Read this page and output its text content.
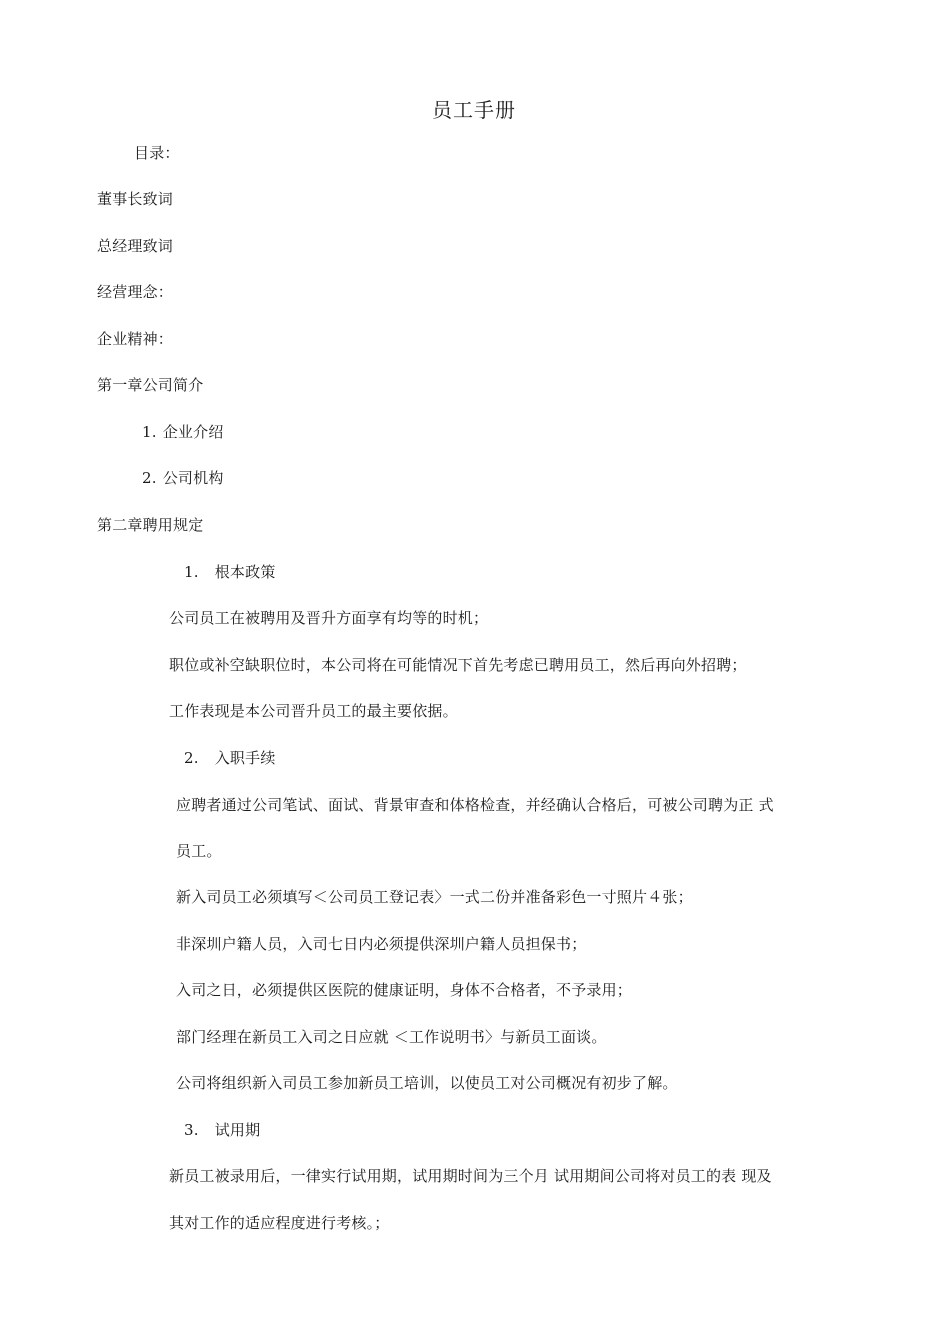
员工手册
目录：
董事长致词
总经理致词
经营理念：
企业精神：
第一章公司简介
1. 企业介绍
2. 公司机构
第二章聘用规定
1. 根本政策
公司员工在被聘用及晋升方面享有均等的时机；
职位或补空缺职位时，本公司将在可能情况下首先考虑已聘用员工，然后再向外招聘；
工作表现是本公司晋升员工的最主要依据。
2. 入职手续
应聘者通过公司笔试、面试、背景审查和体格检查，并经确认合格后，可被公司聘为正 式
员工。
新入司员工必须填写＜公司员工登记表〉一式二份并准备彩色一寸照片４张；
非深圳户籍人员，入司七日内必须提供深圳户籍人员担保书；
入司之日，必须提供区医院的健康证明，身体不合格者，不予录用；
部门经理在新员工入司之日应就 ＜工作说明书〉与新员工面谈。
公司将组织新入司员工参加新员工培训，以使员工对公司概况有初步了解。
3. 试用期
新员工被录用后，一律实行试用期，试用期时间为三个月 试用期间公司将对员工的表 现及
其对工作的适应程度进行考核。；
